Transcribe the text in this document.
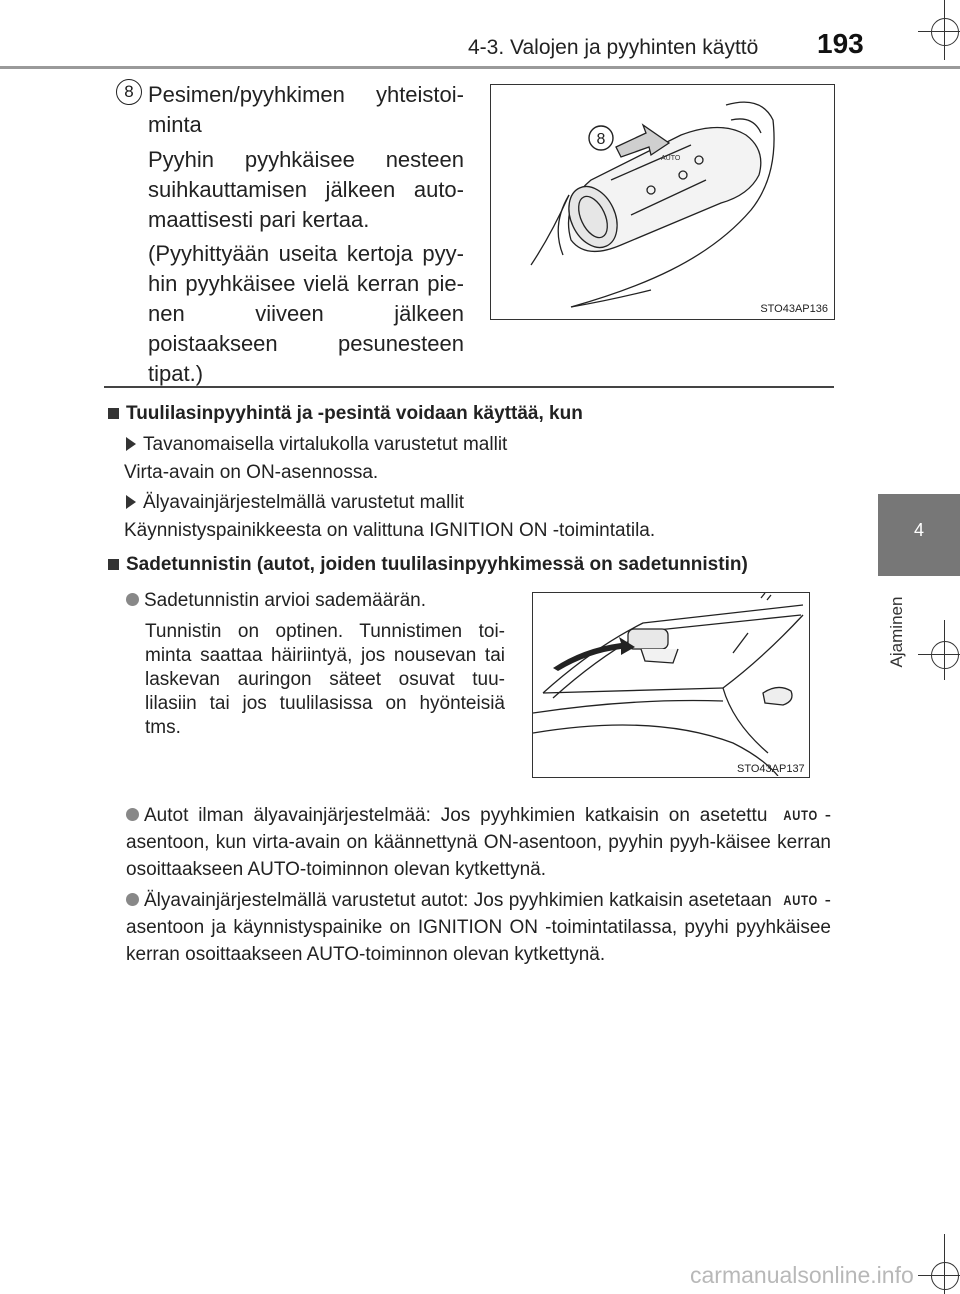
4-3. Valojen ja pyyhinten käyttö 193
4
Ajaminen
8 Pesimen/pyyhkimen yhteistoi-minta
Pyyhin pyyhkäisee nesteen suihkauttamisen jälkeen auto-maattisesti pari kertaa.
(Pyyhittyään useita kertoja pyy-hin pyyhkäisee vielä kerran pie-nen viiveen jälkeen poistaakseen pesunesteen tipat.)
AUTO
8
STO43AP136
Tuulilasinpyyhintä ja -pesintä voidaan käyttää, kun
Tavanomaisella virtalukolla varustetut mallit
Virta-avain on ON-asennossa.
Älyavainjärjestelmällä varustetut mallit
Käynnistyspainikkeesta on valittuna IGNITION ON -toimintatila.
Sadetunnistin (autot, joiden tuulilasinpyyhkimessä on sadetunnistin)
Sadetunnistin arvioi sademäärän.
Tunnistin on optinen. Tunnistimen toi-minta saattaa häiriintyä, jos nousevan tai laskevan auringon säteet osuvat tuu-lilasiin tai jos tuulilasissa on hyönteisiä tms.
STO43AP137
Autot ilman älyavainjärjestelmää: Jos pyyhkimien katkaisin on asetettu AUTO -asentoon, kun virta-avain on käännettynä ON-asentoon, pyyhin pyyh-käisee kerran osoittaakseen AUTO-toiminnon olevan kytkettynä.
Älyavainjärjestelmällä varustetut autot: Jos pyyhkimien katkaisin asetetaan AUTO -asentoon ja käynnistyspainike on IGNITION ON -toimintatilassa, pyyhi pyyhkäisee kerran osoittaakseen AUTO-toiminnon olevan kytkettynä.
carmanualsonline.info
